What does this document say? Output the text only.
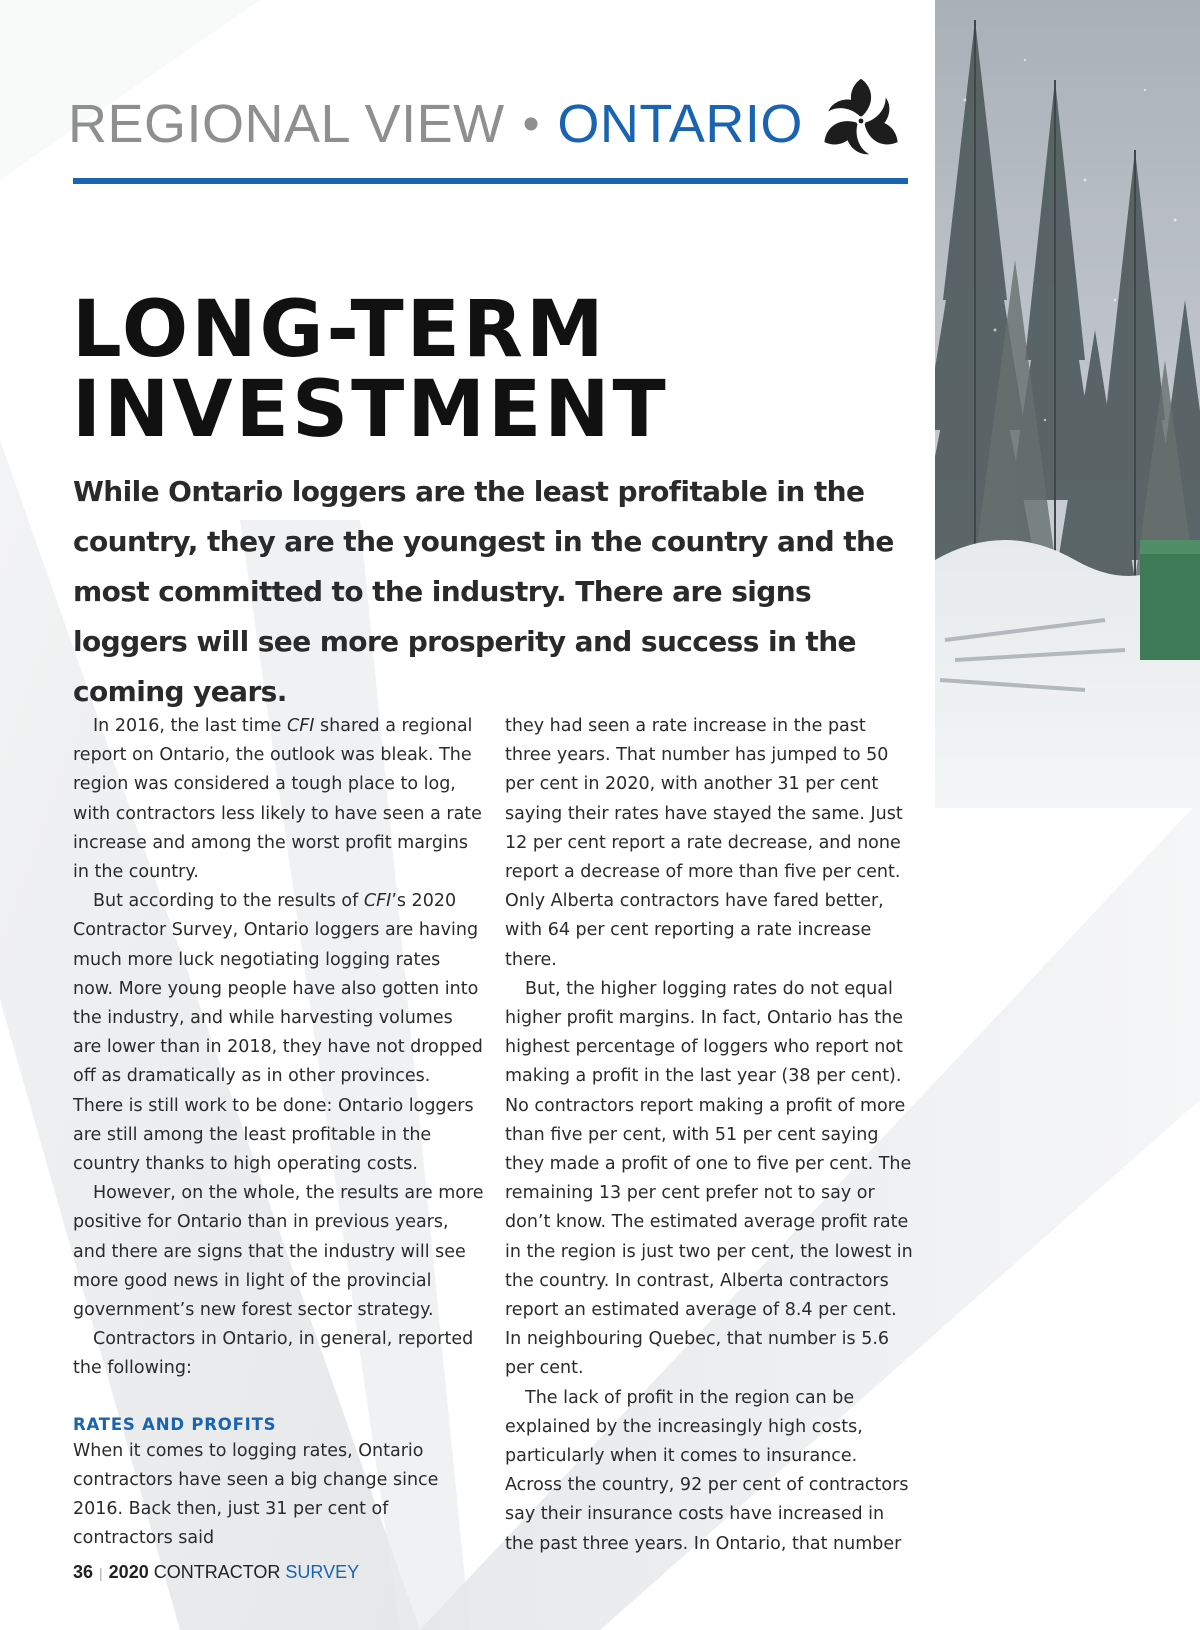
REGIONAL VIEW • ONTARIO
LONG-TERM
INVESTMENT

While Ontario loggers are the least profitable in the country, they are the youngest in the country and the most committed to the industry. There are signs loggers will see more prosperity and success in the coming years.

In 2016, the last time CFI shared a regional report on Ontario, the outlook was bleak. The region was considered a tough place to log, with contractors less likely to have seen a rate increase and among the worst profit margins in the country.

But according to the results of CFI’s 2020 Contractor Survey, Ontario loggers are having much more luck negotiating logging rates now. More young people have also gotten into the industry, and while harvesting volumes are lower than in 2018, they have not dropped off as dramatically as in other provinces. There is still work to be done: Ontario loggers are still among the least profitable in the country thanks to high operating costs.

However, on the whole, the results are more positive for Ontario than in previous years, and there are signs that the industry will see more good news in light of the provincial government’s new forest sector strategy.

Contractors in Ontario, in general, reported the following:

RATES AND PROFITS

When it comes to logging rates, Ontario contractors have seen a big change since 2016. Back then, just 31 per cent of contractors said

they had seen a rate increase in the past three years. That number has jumped to 50 per cent in 2020, with another 31 per cent saying their rates have stayed the same. Just 12 per cent report a rate decrease, and none report a decrease of more than five per cent. Only Alberta contractors have fared better, with 64 per cent reporting a rate increase there.

But, the higher logging rates do not equal higher profit margins. In fact, Ontario has the highest percentage of loggers who report not making a profit in the last year (38 per cent). No contractors report making a profit of more than five per cent, with 51 per cent saying they made a profit of one to five per cent. The remaining 13 per cent prefer not to say or don’t know. The estimated average profit rate in the region is just two per cent, the lowest in the country. In contrast, Alberta contractors report an estimated average of 8.4 per cent. In neighbouring Quebec, that number is 5.6 per cent.

The lack of profit in the region can be explained by the increasingly high costs, particularly when it comes to insurance. Across the country, 92 per cent of contractors say their insurance costs have increased in the past three years. In Ontario, that number

36 | 2020 CONTRACTOR SURVEY
